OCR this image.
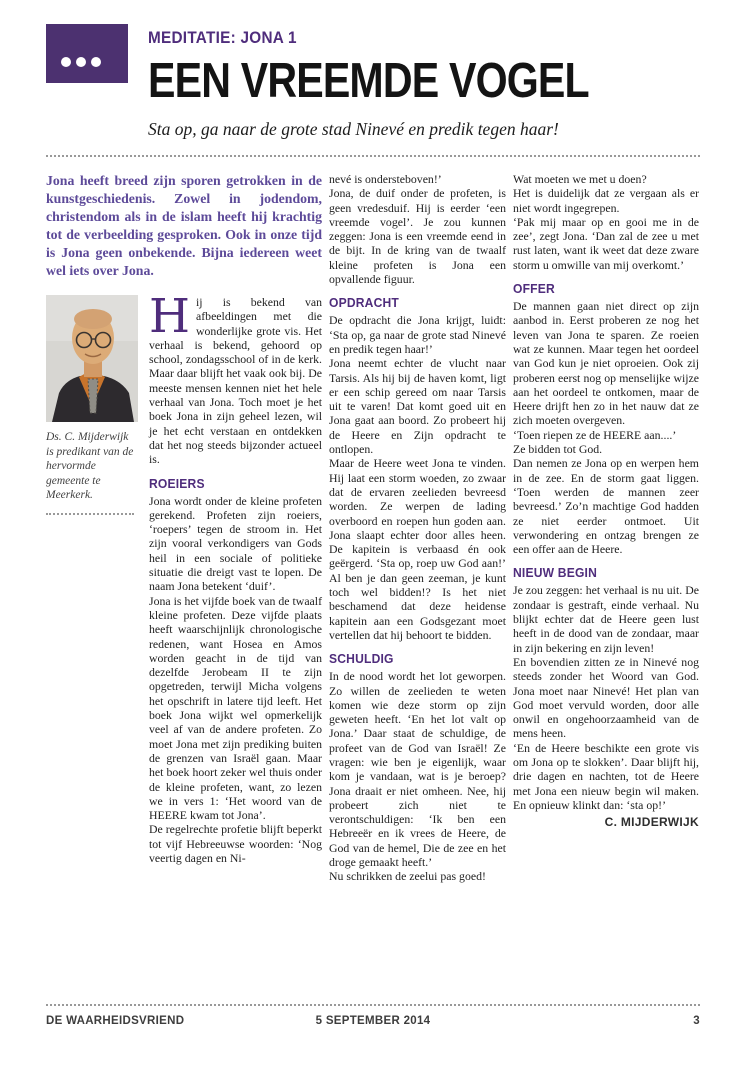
MEDITATIE: JONA 1
EEN VREEMDE VOGEL
Sta op, ga naar de grote stad Ninevé en predik tegen haar!

Jona heeft breed zijn sporen getrokken in de kunstgeschiedenis. Zowel in jodendom, christendom als in de islam heeft hij krachtig tot de verbeelding gesproken. Ook in onze tijd is Jona geen onbekende. Bijna iedereen weet wel iets over Jona.

Ds. C. Mijderwijk is predikant van de hervormde gemeente te Meerkerk.

Hij is bekend van afbeeldingen met die wonderlijke grote vis. Het verhaal is bekend, gehoord op school, zondagsschool of in de kerk. Maar daar blijft het vaak ook bij. De meeste mensen kennen niet het hele verhaal van Jona. Toch moet je het boek Jona in zijn geheel lezen, wil je het echt verstaan en ontdekken dat het nog steeds bijzonder actueel is.

ROEIERS

Jona wordt onder de kleine profeten gerekend. Profeten zijn roeiers, ‘roepers’ tegen de stroom in. Het zijn vooral verkondigers van Gods heil in een sociale of politieke situatie die dreigt vast te lopen. De naam Jona betekent ‘duif’.

Jona is het vijfde boek van de twaalf kleine profeten. Deze vijfde plaats heeft waarschijnlijk chronologische redenen, want Hosea en Amos worden geacht in de tijd van dezelfde Jerobeam II te zijn opgetreden, terwijl Micha volgens het opschrift in latere tijd leeft. Het boek Jona wijkt wel opmerkelijk veel af van de andere profeten. Zo moet Jona met zijn prediking buiten de grenzen van Israël gaan. Maar het boek hoort zeker wel thuis onder de kleine profeten, want, zo lezen we in vers 1: ‘Het woord van de HEERE kwam tot Jona’.

De regelrechte profetie blijft beperkt tot vijf Hebreeuwse woorden: ‘Nog veertig dagen en Ni-

nevé is ondersteboven!’

Jona, de duif onder de profeten, is geen vredesduif. Hij is eerder ‘een vreemde vogel’. Je zou kunnen zeggen: Jona is een vreemde eend in de bijt. In de kring van de twaalf kleine profeten is Jona een opvallende figuur.

OPDRACHT

De opdracht die Jona krijgt, luidt: ‘Sta op, ga naar de grote stad Ninevé en predik tegen haar!’

Jona neemt echter de vlucht naar Tarsis. Als hij bij de haven komt, ligt er een schip gereed om naar Tarsis uit te varen! Dat komt goed uit en Jona gaat aan boord. Zo probeert hij de Heere en Zijn opdracht te ontlopen.

Maar de Heere weet Jona te vinden. Hij laat een storm woeden, zo zwaar dat de ervaren zeelieden bevreesd worden. Ze werpen de lading overboord en roepen hun goden aan. Jona slaapt echter door alles heen. De kapitein is verbaasd én ook geërgerd. ‘Sta op, roep uw God aan!’ Al ben je dan geen zeeman, je kunt toch wel bidden!? Is het niet beschamend dat deze heidense kapitein aan een Godsgezant moet vertellen dat hij behoort te bidden.

SCHULDIG

In de nood wordt het lot geworpen. Zo willen de zeelieden te weten komen wie deze storm op zijn geweten heeft. ‘En het lot valt op Jona.’ Daar staat de schuldige, de profeet van de God van Israël! Ze vragen: wie ben je eigenlijk, waar kom je vandaan, wat is je beroep? Jona draait er niet omheen. Nee, hij probeert zich niet te verontschuldigen: ‘Ik ben een Hebreeër en ik vrees de Heere, de God van de hemel, Die de zee en het droge gemaakt heeft.’

Nu schrikken de zeelui pas goed!

Wat moeten we met u doen?

Het is duidelijk dat ze vergaan als er niet wordt ingegrepen.

‘Pak mij maar op en gooi me in de zee’, zegt Jona. ‘Dan zal de zee u met rust laten, want ik weet dat deze zware storm u omwille van mij overkomt.’

OFFER

De mannen gaan niet direct op zijn aanbod in. Eerst proberen ze nog het leven van Jona te sparen. Ze roeien wat ze kunnen. Maar tegen het oordeel van God kun je niet oproeien. Ook zij proberen eerst nog op menselijke wijze aan het oordeel te ontkomen, maar de Heere drijft hen zo in het nauw dat ze zich moeten overgeven.

‘Toen riepen ze de HEERE aan....’

Ze bidden tot God.

Dan nemen ze Jona op en werpen hem in de zee. En de storm gaat liggen. ‘Toen werden de mannen zeer bevreesd.’ Zo’n machtige God hadden ze niet eerder ontmoet. Uit verwondering en ontzag brengen ze een offer aan de Heere.

NIEUW BEGIN

Je zou zeggen: het verhaal is nu uit. De zondaar is gestraft, einde verhaal. Nu blijkt echter dat de Heere geen lust heeft in de dood van de zondaar, maar in zijn bekering en zijn leven!

En bovendien zitten ze in Ninevé nog steeds zonder het Woord van God. Jona moet naar Ninevé! Het plan van God moet vervuld worden, door alle onwil en ongehoorzaamheid van de mens heen.

‘En de Heere beschikte een grote vis om Jona op te slokken’. Daar blijft hij, drie dagen en nachten, tot de Heere met Jona een nieuw begin wil maken. En opnieuw klinkt dan: ‘sta op!’

C. MIJDERWIJK
DE WAARHEIDSVRIEND	5 SEPTEMBER 2014	3
